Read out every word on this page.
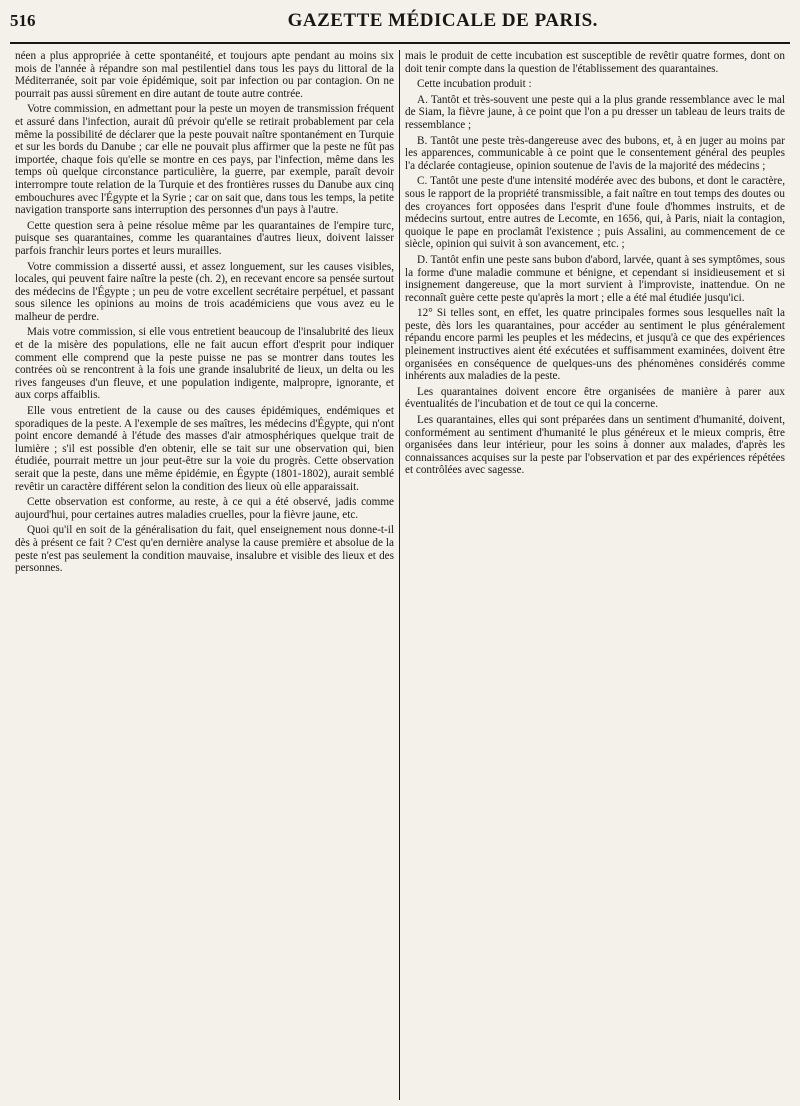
516	GAZETTE MÉDICALE DE PARIS.

néen a plus appropriée à cette spontanéité, et toujours apte pendant au moins six mois de l'année à répandre son mal pestilentiel dans tous les pays du littoral de la Méditerranée, soit par voie épidémique, soit par infection ou par contagion. On ne pourrait pas aussi sûrement en dire autant de toute autre contrée.

Votre commission, en admettant pour la peste un moyen de transmission fréquent et assuré dans l'infection, aurait dû prévoir qu'elle se retirait probablement par cela même la possibilité de déclarer que la peste pouvait naître spontanément en Turquie et sur les bords du Danube ; car elle ne pouvait plus affirmer que la peste ne fût pas importée, chaque fois qu'elle se montre en ces pays, par l'infection, même dans les temps où quelque circonstance particulière, la guerre, par exemple, paraît devoir interrompre toute relation de la Turquie et des frontières russes du Danube aux cinq embouchures avec l'Égypte et la Syrie ; car on sait que, dans tous les temps, la petite navigation transporte sans interruption des personnes d'un pays à l'autre.

Cette question sera à peine résolue même par les quarantaines de l'empire turc, puisque ses quarantaines, comme les quarantaines d'autres lieux, doivent laisser parfois franchir leurs portes et leurs murailles.

Votre commission a disserté aussi, et assez longuement, sur les causes visibles, locales, qui peuvent faire naître la peste (ch. 2), en recevant encore sa pensée surtout des médecins de l'Égypte ; un peu de votre excellent secrétaire perpétuel, et passant sous silence les opinions au moins de trois académiciens que vous avez eu le malheur de perdre.

Mais votre commission, si elle vous entretient beaucoup de l'insalubrité des lieux et de la misère des populations, elle ne fait aucun effort d'esprit pour indiquer comment elle comprend que la peste puisse ne pas se montrer dans toutes les contrées où se rencontrent à la fois une grande insalubrité de lieux, un delta ou les rives fangeuses d'un fleuve, et une population indigente, malpropre, ignorante, et aux corps affaiblis.

Elle vous entretient de la cause ou des causes épidémiques, endémiques et sporadiques de la peste. A l'exemple de ses maîtres, les médecins d'Égypte, qui n'ont point encore demandé à l'étude des masses d'air atmosphériques quelque trait de lumière ; s'il est possible d'en obtenir, elle se tait sur une observation qui, bien étudiée, pourrait mettre un jour peut-être sur la voie du progrès. Cette observation serait que la peste, dans une même épidémie, en Égypte (1801-1802), aurait semblé revêtir un caractère différent selon la condition des lieux où elle apparaissait.

Cette observation est conforme, au reste, à ce qui a été observé, jadis comme aujourd'hui, pour certaines autres maladies cruelles, pour la fièvre jaune, etc.

Quoi qu'il en soit de la généralisation du fait, quel enseignement nous donne-t-il dès à présent ce fait ? C'est qu'en dernière analyse la cause première et absolue de la peste n'est pas seulement la condition mauvaise, insalubre et visible des lieux et des personnes.

mais le produit de cette incubation est susceptible de revêtir quatre formes, dont on doit tenir compte dans la question de l'établissement des quarantaines.

Cette incubation produit :

A. Tantôt et très-souvent une peste qui a la plus grande ressemblance avec le mal de Siam, la fièvre jaune, à ce point que l'on a pu dresser un tableau de leurs traits de ressemblance ;

B. Tantôt une peste très-dangereuse avec des bubons, et, à en juger au moins par les apparences, communicable à ce point que le consentement général des peuples l'a déclarée contagieuse, opinion soutenue de l'avis de la majorité des médecins ;

C. Tantôt une peste d'une intensité modérée avec des bubons, et dont le caractère, sous le rapport de la propriété transmissible, a fait naître en tout temps des doutes ou des croyances fort opposées dans l'esprit d'une foule d'hommes instruits, et de médecins surtout, entre autres de Lecomte, en 1656, qui, à Paris, niait la contagion, quoique le pape en proclamât l'existence ; puis Assalini, au commencement de ce siècle, opinion qui suivit à son avancement, etc. ;

D. Tantôt enfin une peste sans bubon d'abord, larvée, quant à ses symptômes, sous la forme d'une maladie commune et bénigne, et cependant si insidieusement et si insignement dangereuse, que la mort survient à l'improviste, inattendue. On ne reconnaît guère cette peste qu'après la mort ; elle a été mal étudiée jusqu'ici.

12° Si telles sont, en effet, les quatre principales formes sous lesquelles naît la peste, dès lors les quarantaines, pour accéder au sentiment le plus généralement répandu encore parmi les peuples et les médecins, et jusqu'à ce que des expériences pleinement instructives aient été exécutées et suffisamment examinées, doivent être organisées en conséquence de quelques-uns des phénomènes considérés comme inhérents aux maladies de la peste.

Les quarantaines doivent encore être organisées de manière à parer aux éventualités de l'incubation et de tout ce qui la concerne.

Les quarantaines, elles qui sont préparées dans un sentiment d'humanité, doivent, conformément au sentiment d'humanité le plus généreux et le mieux compris, être organisées dans leur intérieur, pour les soins à donner aux malades, d'après les connaissances acquises sur la peste par l'observation et par des expériences répétées et contrôlées avec sagesse.
